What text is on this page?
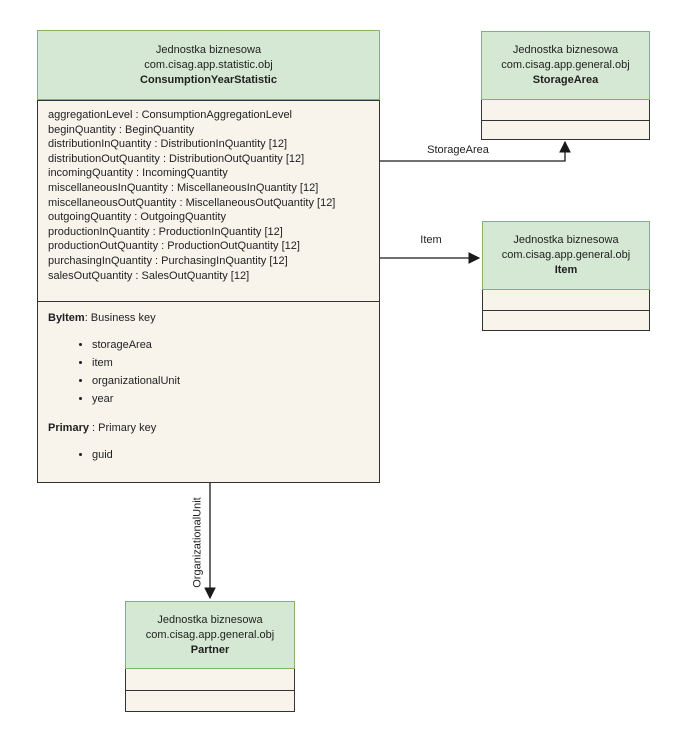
StorageArea
Item
OrganizationalUnit
Jednostka biznesowa
com.cisag.app.statistic.obj
ConsumptionYearStatistic
aggregationLevel : ConsumptionAggregationLevel
beginQuantity : BeginQuantity
distributionInQuantity : DistributionInQuantity [12]
distributionOutQuantity : DistributionOutQuantity [12]
incomingQuantity : IncomingQuantity
miscellaneousInQuantity : MiscellaneousInQuantity [12]
miscellaneousOutQuantity : MiscellaneousOutQuantity [12]
outgoingQuantity : OutgoingQuantity
productionInQuantity : ProductionInQuantity [12]
productionOutQuantity : ProductionOutQuantity [12]
purchasingInQuantity : PurchasingInQuantity [12]
salesOutQuantity : SalesOutQuantity [12]
ByItem: Business key
• storageArea
• item
• organizationalUnit
• year
Primary : Primary key
• guid
Jednostka biznesowa
com.cisag.app.general.obj
StorageArea
Jednostka biznesowa
com.cisag.app.general.obj
Item
Jednostka biznesowa
com.cisag.app.general.obj
Partner
